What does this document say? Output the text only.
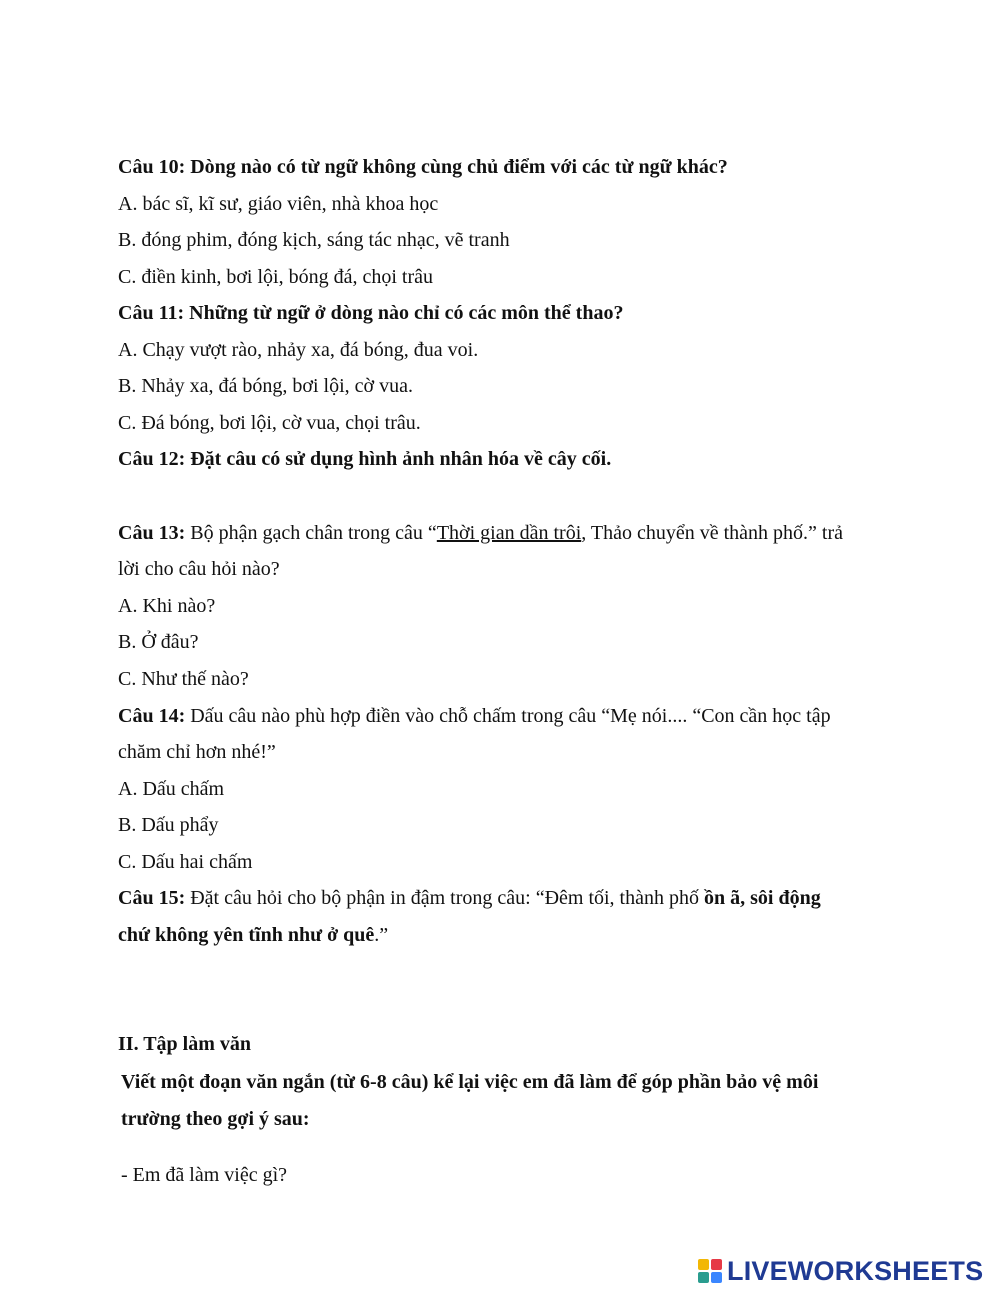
Câu 10: Dòng nào có từ ngữ không cùng chủ điểm với các từ ngữ khác?
A. bác sĩ, kĩ sư, giáo viên, nhà khoa học
B. đóng phim, đóng kịch, sáng tác nhạc, vẽ tranh
C. điền kinh, bơi lội, bóng đá, chọi trâu
Câu 11: Những từ ngữ ở dòng nào chỉ có các môn thể thao?
A. Chạy vượt rào, nhảy xa, đá bóng, đua voi.
B. Nhảy xa, đá bóng, bơi lội, cờ vua.
C. Đá bóng, bơi lội, cờ vua, chọi trâu.
Câu 12: Đặt câu có sử dụng hình ảnh nhân hóa về cây cối.
Câu 13: Bộ phận gạch chân trong câu “Thời gian dần trôi, Thảo chuyển về thành phố.” trả
lời cho câu hỏi nào?
A. Khi nào?
B. Ở đâu?
C. Như thế nào?
Câu 14: Dấu câu nào phù hợp điền vào chỗ chấm trong câu “Mẹ nói.... “Con cần học tập
chăm chỉ hơn nhé!”
A. Dấu chấm
B. Dấu phẩy
C. Dấu hai chấm
Câu 15: Đặt câu hỏi cho bộ phận in đậm trong câu: “Đêm tối, thành phố ồn ã, sôi động
chứ không yên tĩnh như ở quê.”
II. Tập làm văn
Viết một đoạn văn ngắn (từ 6-8 câu) kể lại việc em đã làm để góp phần bảo vệ môi
trường theo gợi ý sau:
- Em đã làm việc gì?
LIVEWORKSHEETS
